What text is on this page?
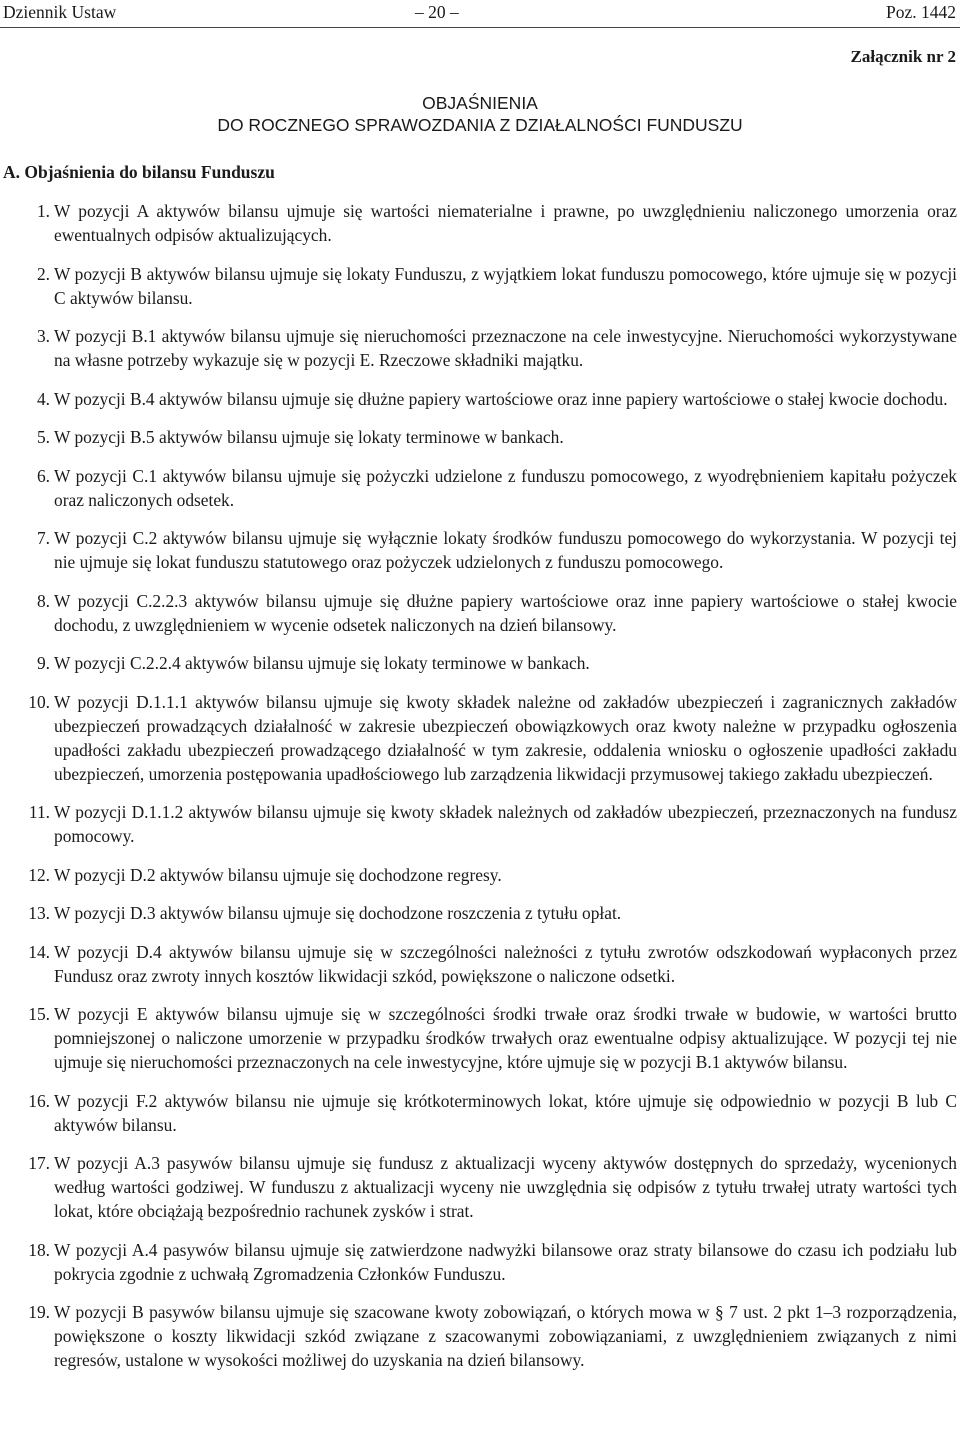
Dziennik Ustaw	– 20 –	Poz. 1442
Załącznik nr 2
OBJAŚNIENIA
DO ROCZNEGO SPRAWOZDANIA Z DZIAŁALNOŚCI FUNDUSZU
A. Objaśnienia do bilansu Funduszu
1. W pozycji A aktywów bilansu ujmuje się wartości niematerialne i prawne, po uwzględnieniu naliczonego umorzenia oraz ewentualnych odpisów aktualizujących.
2. W pozycji B aktywów bilansu ujmuje się lokaty Funduszu, z wyjątkiem lokat funduszu pomocowego, które ujmuje się w pozycji C aktywów bilansu.
3. W pozycji B.1 aktywów bilansu ujmuje się nieruchomości przeznaczone na cele inwestycyjne. Nieruchomości wykorzystywane na własne potrzeby wykazuje się w pozycji E. Rzeczowe składniki majątku.
4. W pozycji B.4 aktywów bilansu ujmuje się dłużne papiery wartościowe oraz inne papiery wartościowe o stałej kwocie dochodu.
5. W pozycji B.5 aktywów bilansu ujmuje się lokaty terminowe w bankach.
6. W pozycji C.1 aktywów bilansu ujmuje się pożyczki udzielone z funduszu pomocowego, z wyodrębnieniem kapitału pożyczek oraz naliczonych odsetek.
7. W pozycji C.2 aktywów bilansu ujmuje się wyłącznie lokaty środków funduszu pomocowego do wykorzystania. W pozycji tej nie ujmuje się lokat funduszu statutowego oraz pożyczek udzielonych z funduszu pomocowego.
8. W pozycji C.2.2.3 aktywów bilansu ujmuje się dłużne papiery wartościowe oraz inne papiery wartościowe o stałej kwocie dochodu, z uwzględnieniem w wycenie odsetek naliczonych na dzień bilansowy.
9. W pozycji C.2.2.4 aktywów bilansu ujmuje się lokaty terminowe w bankach.
10. W pozycji D.1.1.1 aktywów bilansu ujmuje się kwoty składek należne od zakładów ubezpieczeń i zagranicznych zakładów ubezpieczeń prowadzących działalność w zakresie ubezpieczeń obowiązkowych oraz kwoty należne w przypadku ogłoszenia upadłości zakładu ubezpieczeń prowadzącego działalność w tym zakresie, oddalenia wniosku o ogłoszenie upadłości zakładu ubezpieczeń, umorzenia postępowania upadłościowego lub zarządzenia likwidacji przymusowej takiego zakładu ubezpieczeń.
11. W pozycji D.1.1.2 aktywów bilansu ujmuje się kwoty składek należnych od zakładów ubezpieczeń, przeznaczonych na fundusz pomocowy.
12. W pozycji D.2 aktywów bilansu ujmuje się dochodzone regresy.
13. W pozycji D.3 aktywów bilansu ujmuje się dochodzone roszczenia z tytułu opłat.
14. W pozycji D.4 aktywów bilansu ujmuje się w szczególności należności z tytułu zwrotów odszkodowań wypłaconych przez Fundusz oraz zwroty innych kosztów likwidacji szkód, powiększone o naliczone odsetki.
15. W pozycji E aktywów bilansu ujmuje się w szczególności środki trwałe oraz środki trwałe w budowie, w wartości brutto pomniejszonej o naliczone umorzenie w przypadku środków trwałych oraz ewentualne odpisy aktualizujące. W pozycji tej nie ujmuje się nieruchomości przeznaczonych na cele inwestycyjne, które ujmuje się w pozycji B.1 aktywów bilansu.
16. W pozycji F.2 aktywów bilansu nie ujmuje się krótkoterminowych lokat, które ujmuje się odpowiednio w pozycji B lub C aktywów bilansu.
17. W pozycji A.3 pasywów bilansu ujmuje się fundusz z aktualizacji wyceny aktywów dostępnych do sprzedaży, wycenionych według wartości godziwej. W funduszu z aktualizacji wyceny nie uwzględnia się odpisów z tytułu trwałej utraty wartości tych lokat, które obciążają bezpośrednio rachunek zysków i strat.
18. W pozycji A.4 pasywów bilansu ujmuje się zatwierdzone nadwyżki bilansowe oraz straty bilansowe do czasu ich podziału lub pokrycia zgodnie z uchwałą Zgromadzenia Członków Funduszu.
19. W pozycji B pasywów bilansu ujmuje się szacowane kwoty zobowiązań, o których mowa w § 7 ust. 2 pkt 1–3 rozporządzenia, powiększone o koszty likwidacji szkód związane z szacowanymi zobowiązaniami, z uwzględnieniem związanych z nimi regresów, ustalone w wysokości możliwej do uzyskania na dzień bilansowy.
